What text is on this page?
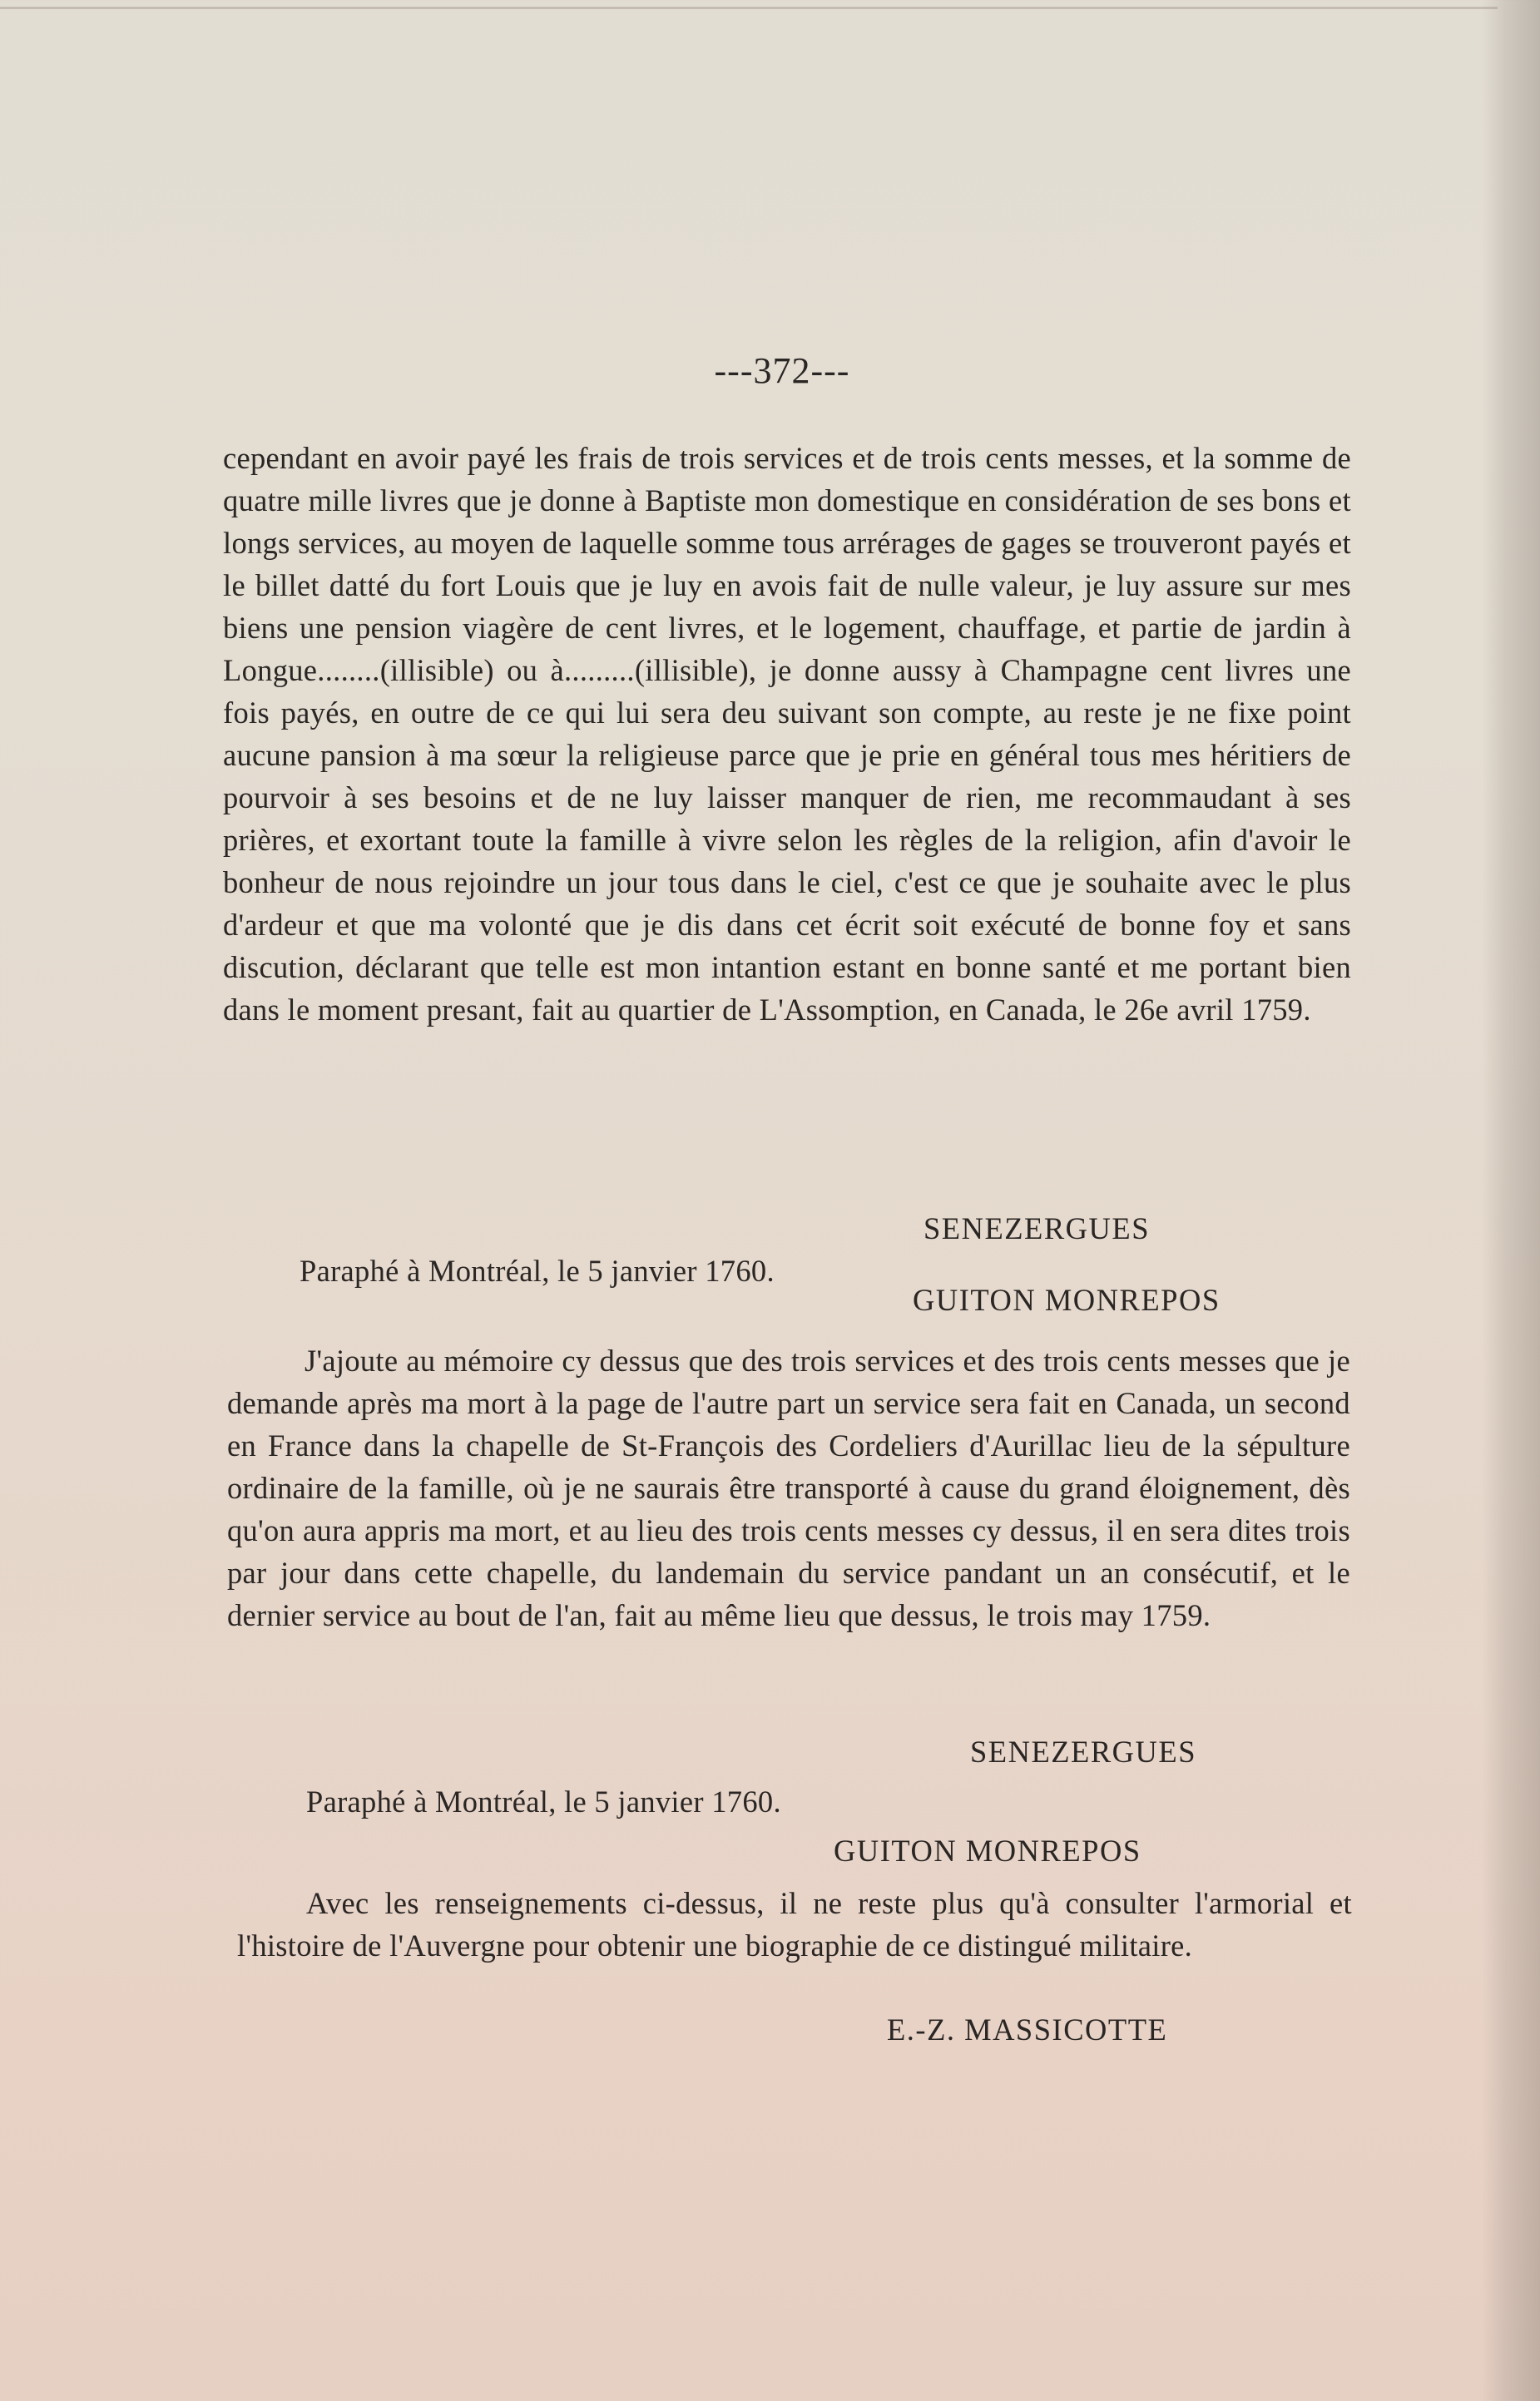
---372---

cependant en avoir payé les frais de trois services et de trois cents messes, et la somme de quatre mille livres que je donne à Baptiste mon domestique en considération de ses bons et longs services, au moyen de laquelle somme tous arrérages de gages se trouveront payés et le billet datté du fort Louis que je luy en avois fait de nulle valeur, je luy assure sur mes biens une pension viagère de cent livres, et le logement, chauffage, et partie de jardin à Longue........(illisible) ou à.........(illisible), je donne aussy à Champagne cent livres une fois payés, en outre de ce qui lui sera deu suivant son compte, au reste je ne fixe point aucune pansion à ma sœur la religieuse parce que je prie en général tous mes héritiers de pourvoir à ses besoins et de ne luy laisser manquer de rien, me recommaudant à ses prières, et exortant toute la famille à vivre selon les règles de la religion, afin d'avoir le bonheur de nous rejoindre un jour tous dans le ciel, c'est ce que je souhaite avec le plus d'ardeur et que ma volonté que je dis dans cet écrit soit exécuté de bonne foy et sans discution, déclarant que telle est mon intantion estant en bonne santé et me portant bien dans le moment presant, fait au quartier de L'Assomption, en Canada, le 26e avril 1759.

SENEZERGUES
Paraphé à Montréal, le 5 janvier 1760.
GUITON MONREPOS

J'ajoute au mémoire cy dessus que des trois services et des trois cents messes que je demande après ma mort à la page de l'autre part un service sera fait en Canada, un second en France dans la chapelle de St-François des Cordeliers d'Aurillac lieu de la sépulture ordinaire de la famille, où je ne saurais être transporté à cause du grand éloignement, dès qu'on aura appris ma mort, et au lieu des trois cents messes cy dessus, il en sera dites trois par jour dans cette chapelle, du landemain du service pandant un an consécutif, et le dernier service au bout de l'an, fait au même lieu que dessus, le trois may 1759.

SENEZERGUES
Paraphé à Montréal, le 5 janvier 1760.
GUITON MONREPOS

Avec les renseignements ci-dessus, il ne reste plus qu'à consulter l'armorial et l'histoire de l'Auvergne pour obtenir une biographie de ce distingué militaire.

E.-Z. MASSICOTTE
